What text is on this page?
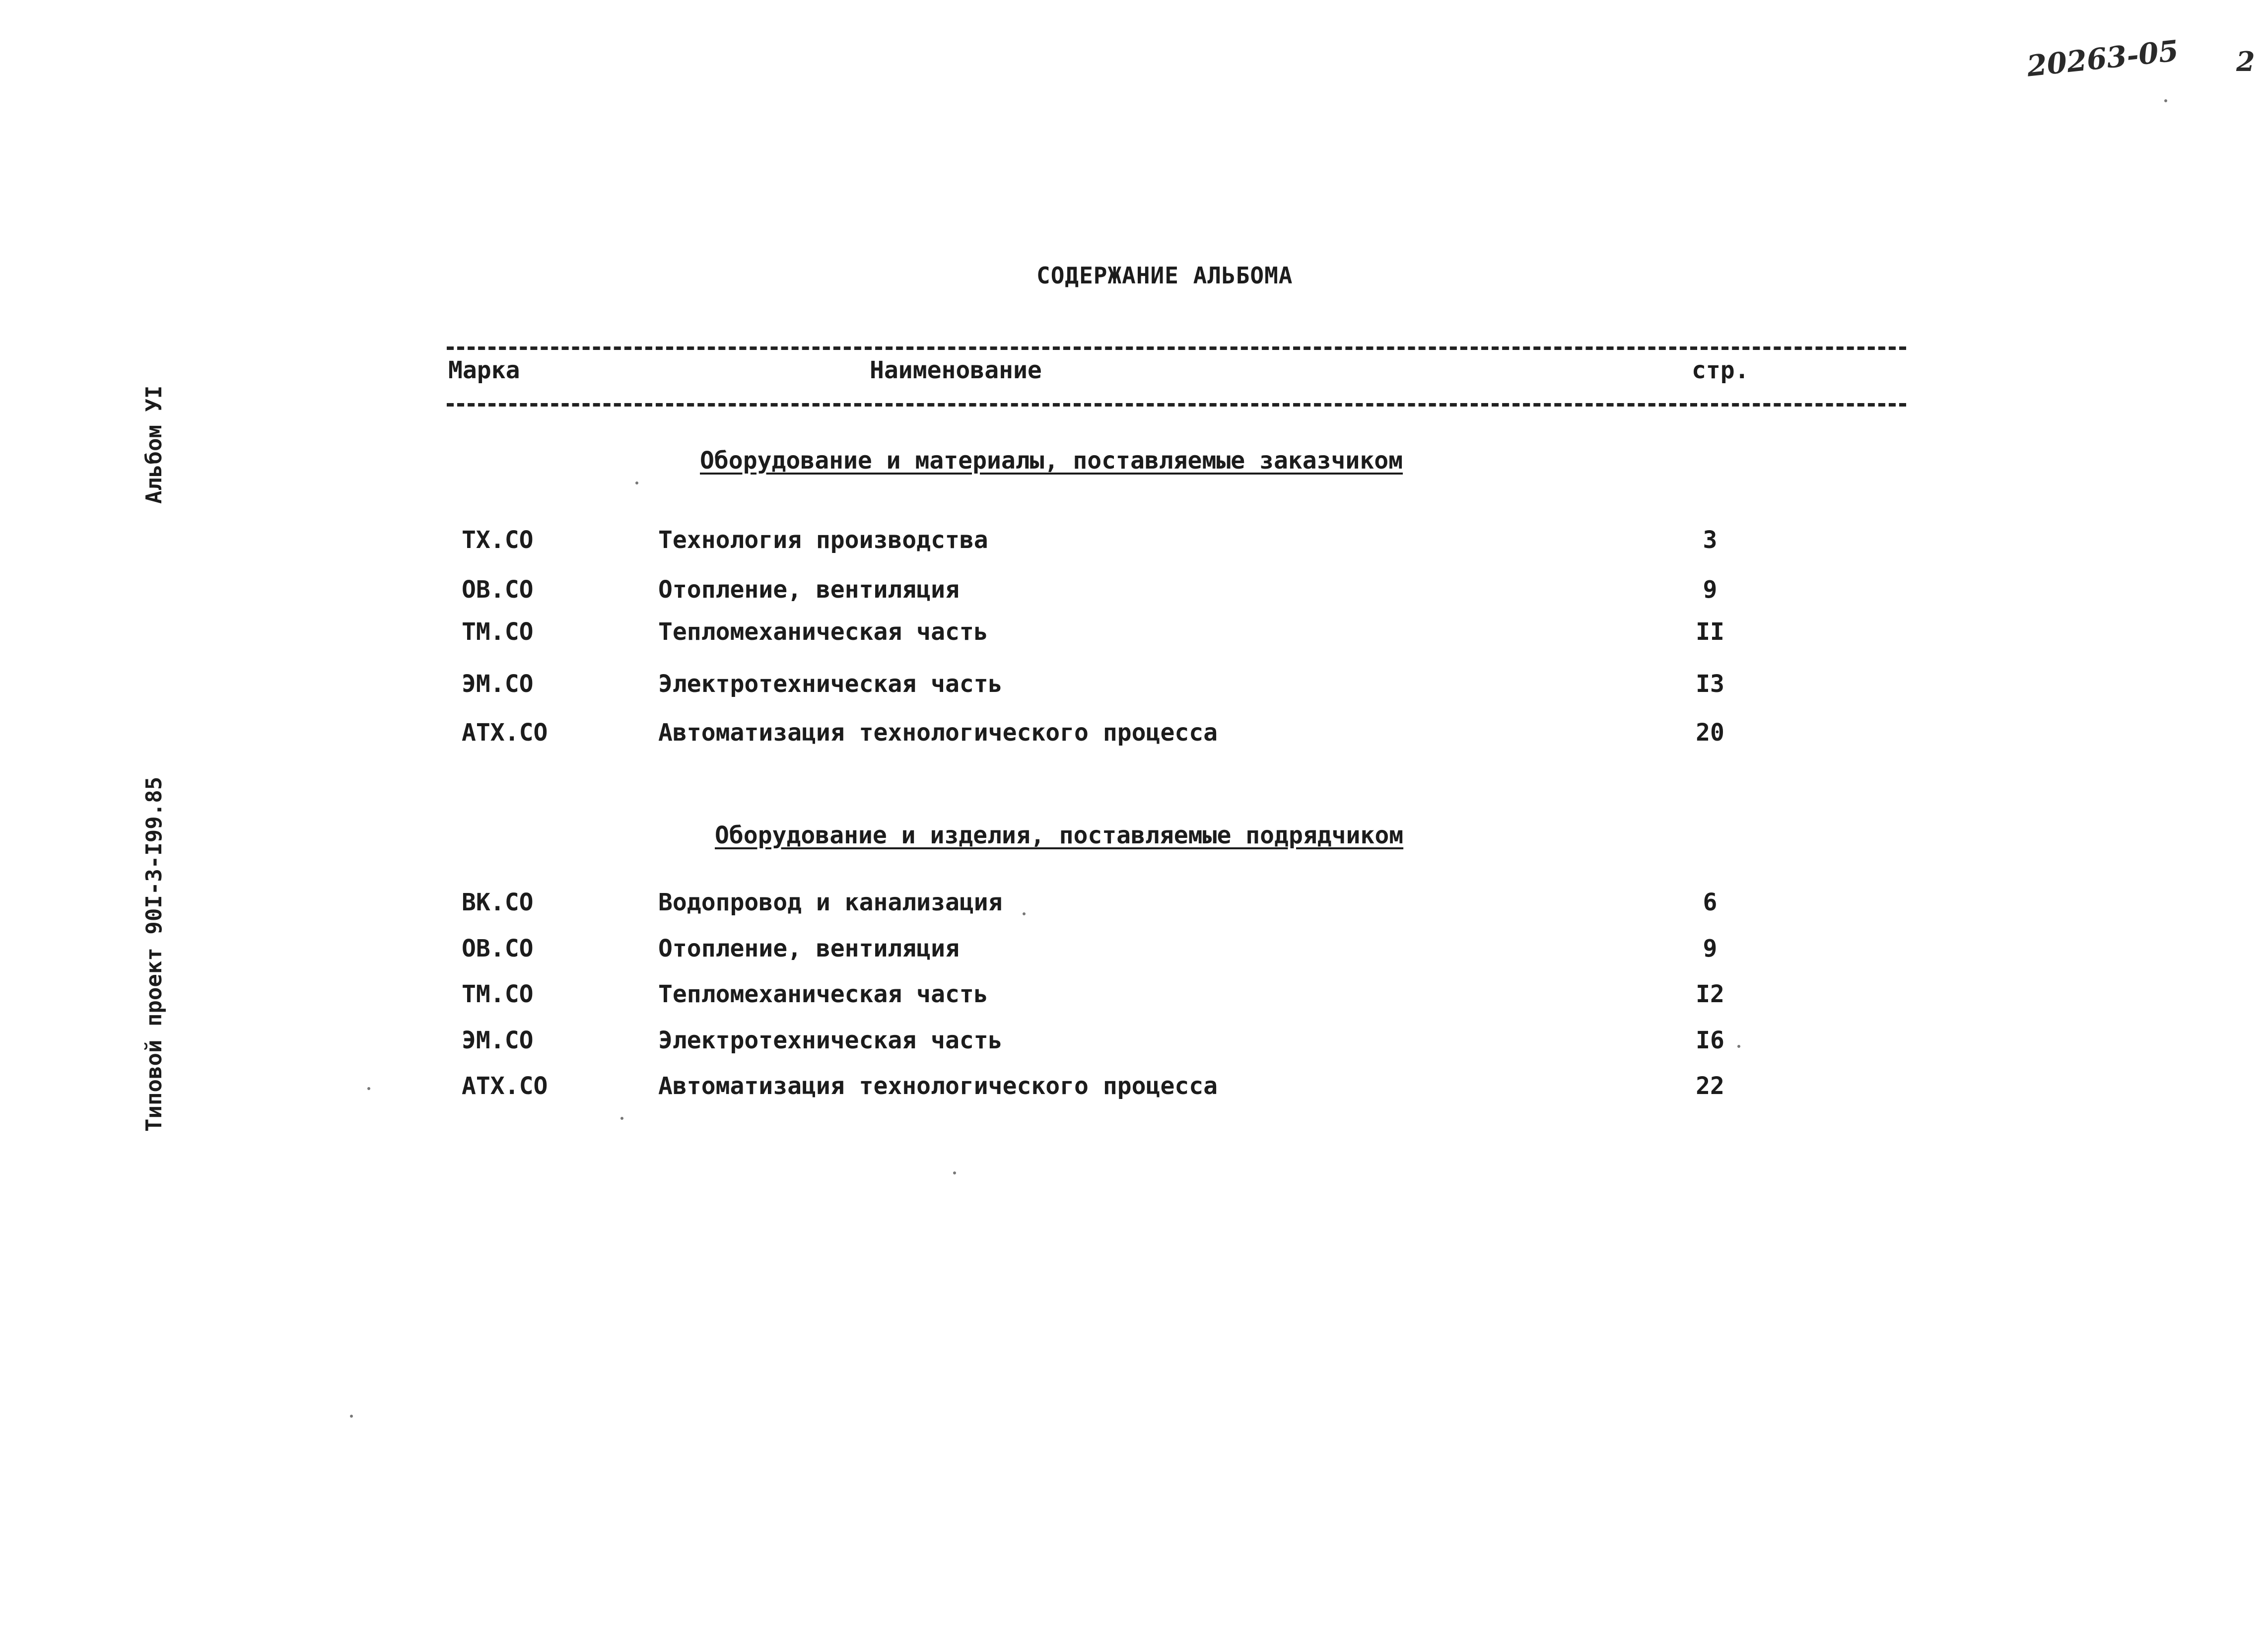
20263-05 2
Альбом УI
Типовой проект 90I-3-I99.85
СОДЕРЖАНИЕ АЛЬБОМА
Марка	Наименование	стр.
Оборудование и материалы, поставляемые заказчиком
ТХ.СО	Технология производства	3
ОВ.СО	Отопление, вентиляция	9
ТМ.СО	Тепломеханическая часть	II
ЭМ.СО	Электротехническая часть	I3
АТХ.СО	Автоматизация технологического процесса	20
Оборудование и изделия, поставляемые подрядчиком
ВК.СО	Водопровод и канализация	6
ОВ.СО	Отопление, вентиляция	9
ТМ.СО	Тепломеханическая часть	I2
ЭМ.СО	Электротехническая часть	I6
АТХ.СО	Автоматизация технологического процесса	22
